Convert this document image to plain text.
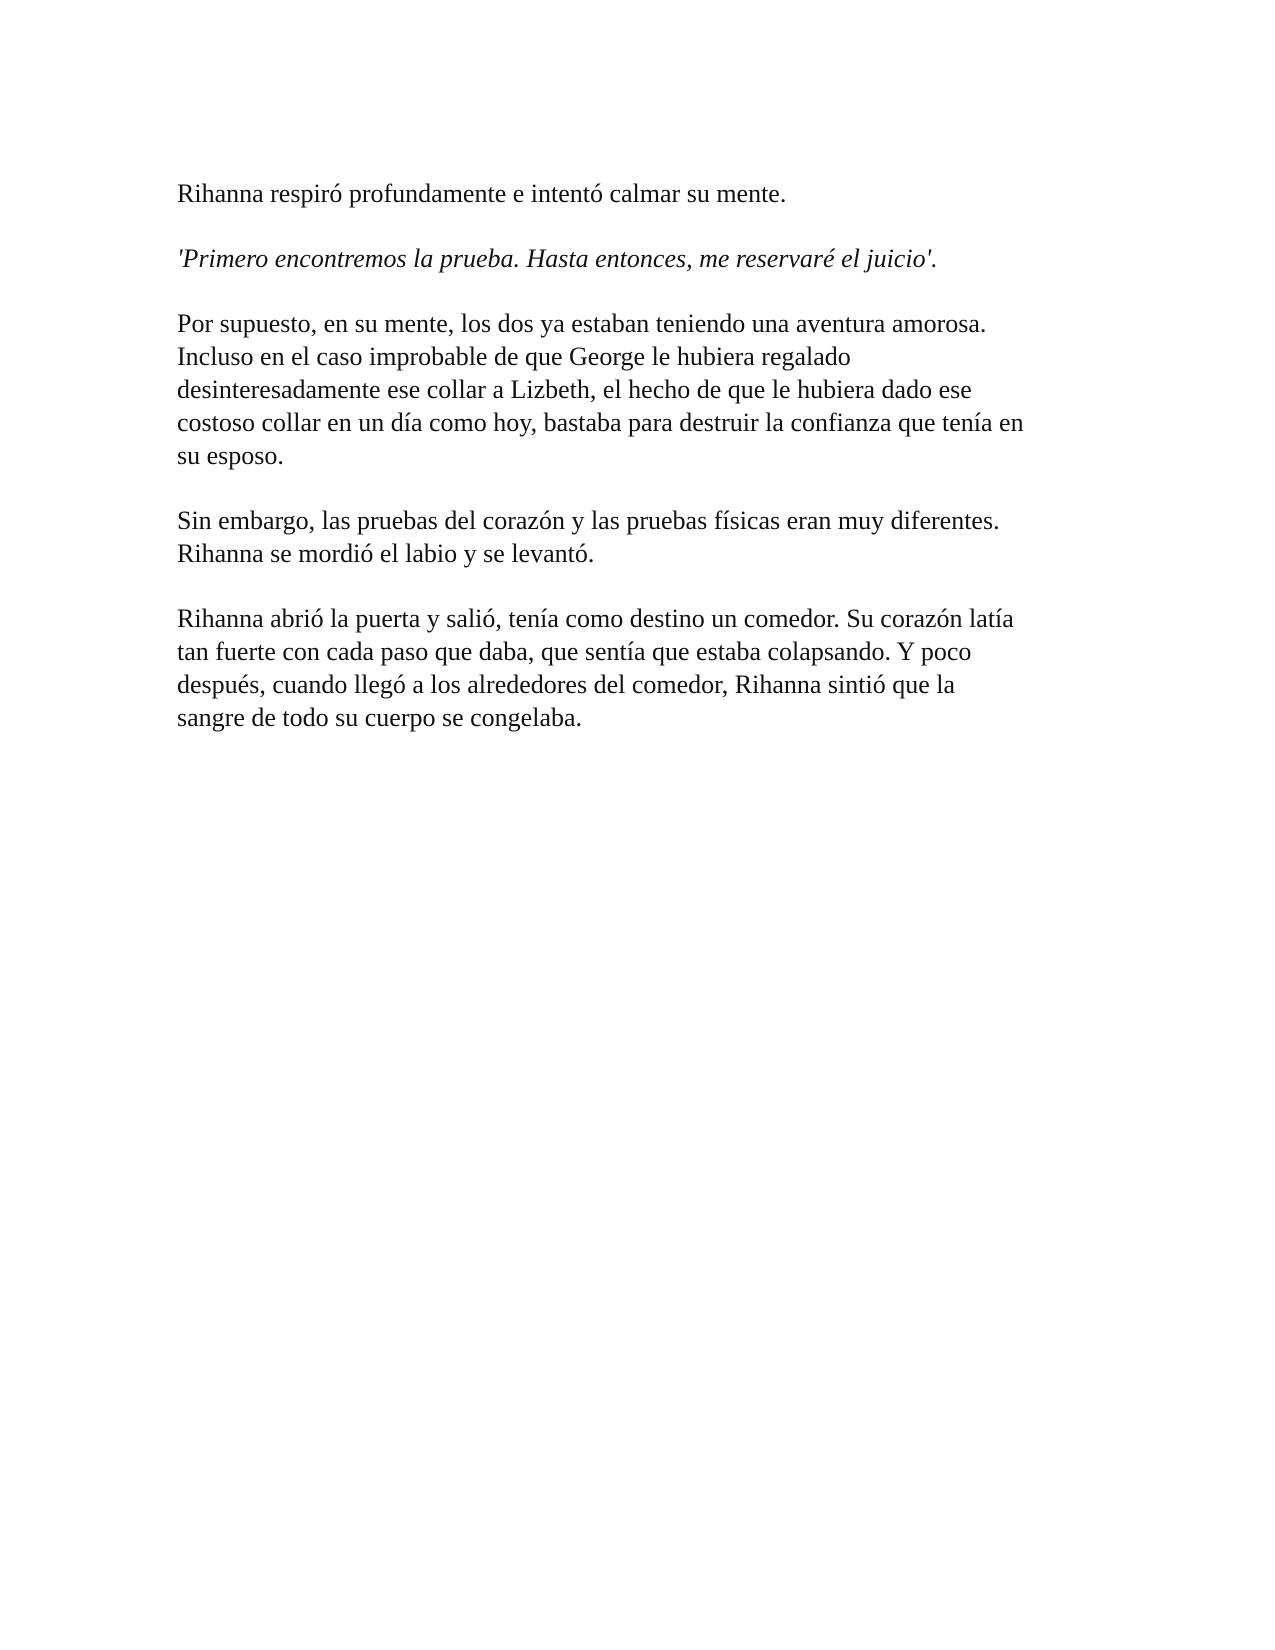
Rihanna respiró profundamente e intentó calmar su mente.

'Primero encontremos la prueba. Hasta entonces, me reservaré el juicio'.

Por supuesto, en su mente, los dos ya estaban teniendo una aventura amorosa.
Incluso en el caso improbable de que George le hubiera regalado
desinteresadamente ese collar a Lizbeth, el hecho de que le hubiera dado ese
costoso collar en un día como hoy, bastaba para destruir la confianza que tenía en
su esposo.

Sin embargo, las pruebas del corazón y las pruebas físicas eran muy diferentes.
Rihanna se mordió el labio y se levantó.

Rihanna abrió la puerta y salió, tenía como destino un comedor. Su corazón latía
tan fuerte con cada paso que daba, que sentía que estaba colapsando. Y poco
después, cuando llegó a los alrededores del comedor, Rihanna sintió que la
sangre de todo su cuerpo se congelaba.
